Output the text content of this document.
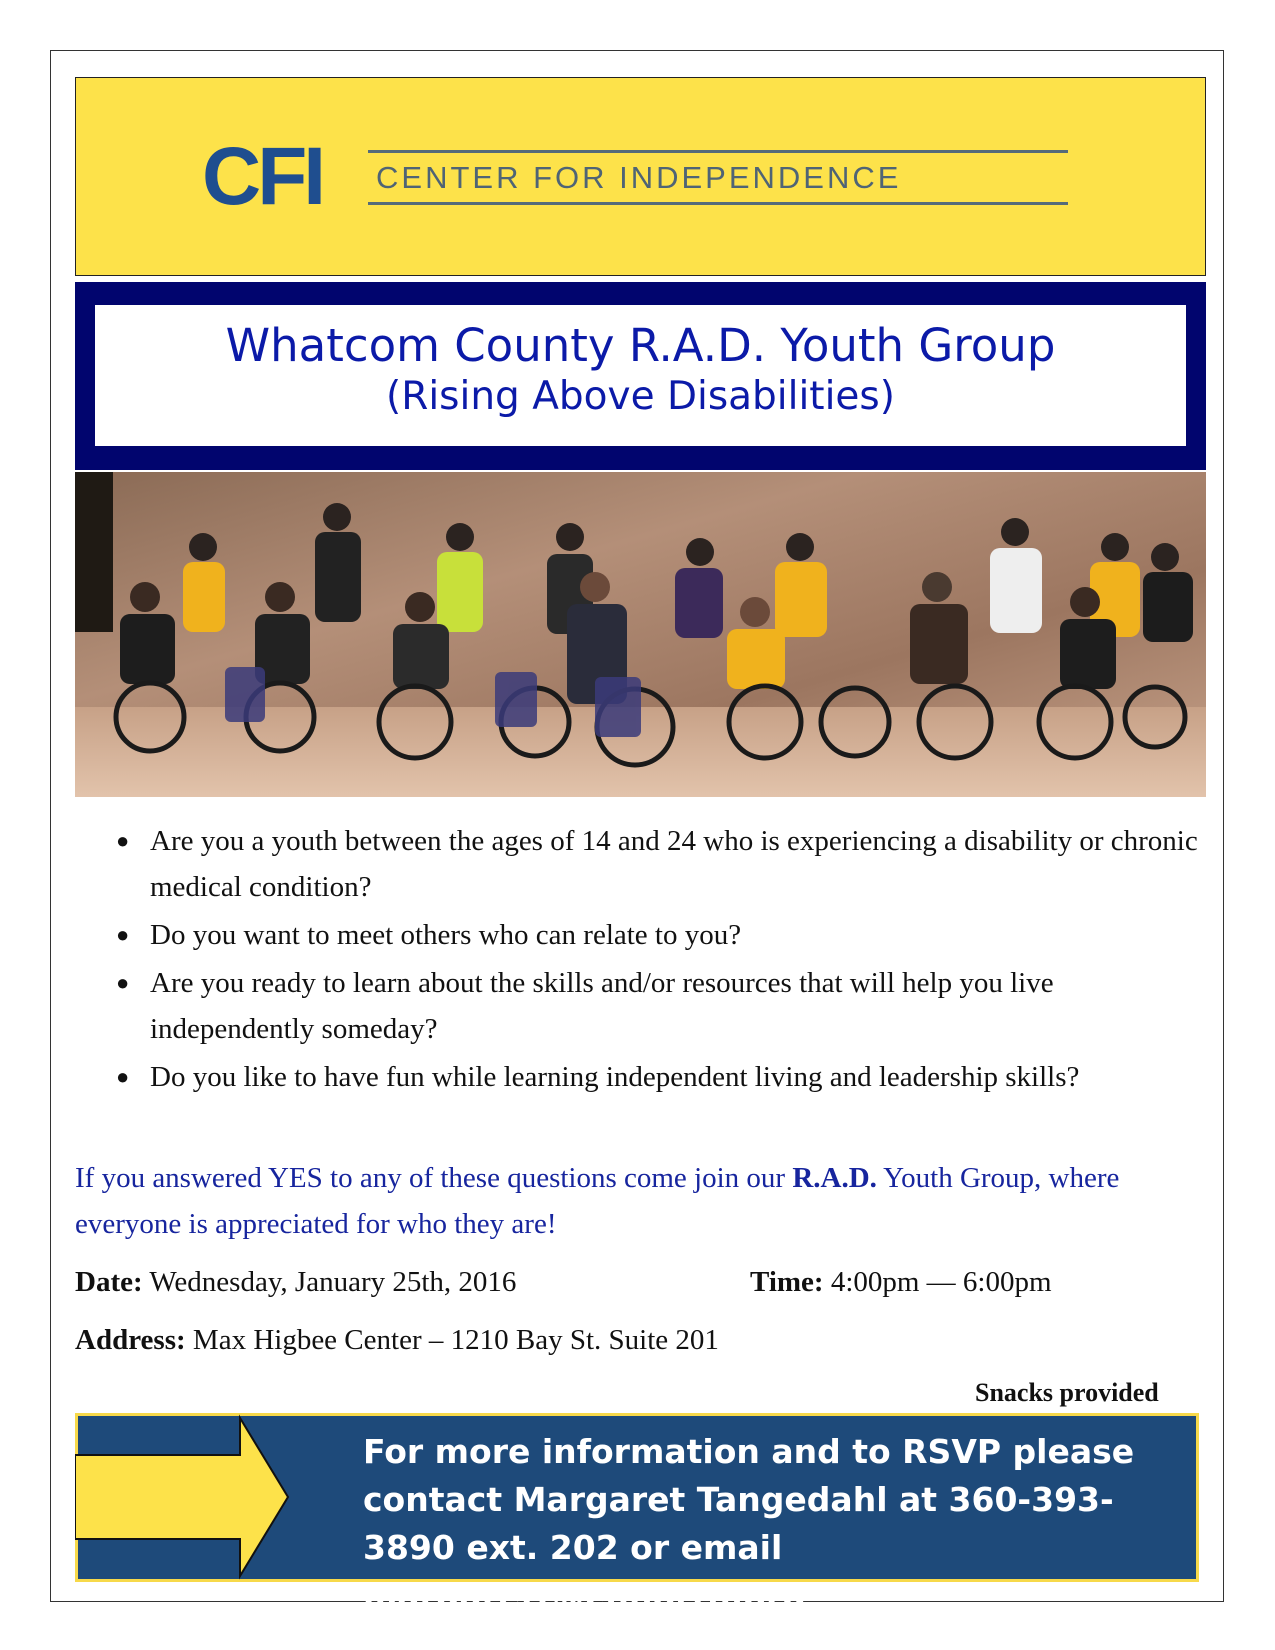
CFI CENTER FOR INDEPENDENCE
Whatcom County R.A.D. Youth Group
(Rising Above Disabilities)
● Are you a youth between the ages of 14 and 24 who is experiencing a disability or chronic medical condition?
● Do you want to meet others who can relate to you?
● Are you ready to learn about the skills and/or resources that will help you live independently someday?
● Do you like to have fun while learning independent living and leadership skills?
If you answered YES to any of these questions come join our R.A.D. Youth Group, where everyone is appreciated for who they are!
Date: Wednesday, January 25th, 2016	Time: 4:00pm — 6:00pm
Address: Max Higbee Center – 1210 Bay St. Suite 201
Snacks provided
For more information and to RSVP please contact Margaret Tangedahl at 360-393-3890 ext. 202 or email margarett@cfinorth.org
